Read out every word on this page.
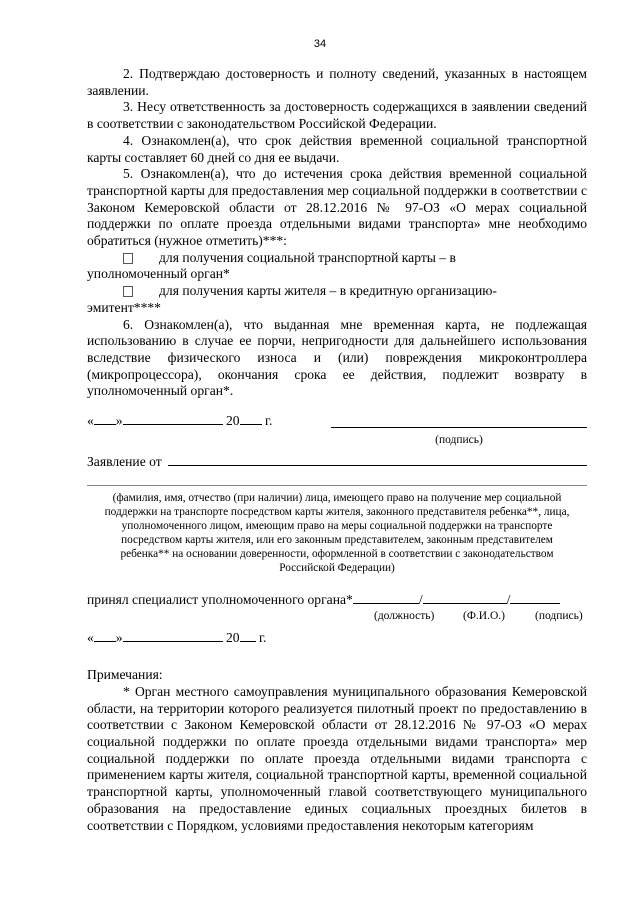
34

2. Подтверждаю достоверность и полноту сведений, указанных в настоящем заявлении.

3. Несу ответственность за достоверность содержащихся в заявлении сведений в соответствии с законодательством Российской Федерации.

4. Ознакомлен(а), что срок действия временной социальной транспортной карты составляет 60 дней со дня ее выдачи.

5. Ознакомлен(а), что до истечения срока действия временной социальной транспортной карты для предоставления мер социальной поддержки в соответствии с Законом Кемеровской области от 28.12.2016 № 97-ОЗ «О мерах социальной поддержки по оплате проезда отдельными видами транспорта» мне необходимо обратиться (нужное отметить)***:

для получения социальной транспортной карты – в
уполномоченный орган*
для получения карты жителя – в кредитную организацию-
эмитент****

6. Ознакомлен(а), что выданная мне временная карта, не подлежащая использованию в случае ее порчи, непригодности для дальнейшего использования вследствие физического износа и (или) повреждения микроконтроллера (микропроцессора), окончания срока ее действия, подлежит возврату в уполномоченный орган*.

« »	20 г.
(подпись)
Заявление от

(фамилия, имя, отчество (при наличии) лица, имеющего право на получение мер социальной поддержки на транспорте посредством карты жителя, законного представителя ребенка**, лица, уполномоченного лицом, имеющим право на меры социальной поддержки на транспорте посредством карты жителя, или его законным представителем, законным представителем ребенка** на основании доверенности, оформленной в соответствии с законодательством Российской Федерации)

принял специалист уполномоченного органа*	/	/
(должность) (Ф.И.О.)	(подпись)
« »	20 г.

Примечания:

* Орган местного самоуправления муниципального образования Кемеровской области, на территории которого реализуется пилотный проект по предоставлению в соответствии с Законом Кемеровской области от 28.12.2016 № 97-ОЗ «О мерах социальной поддержки по оплате проезда отдельными видами транспорта» мер социальной поддержки по оплате проезда отдельными видами транспорта с применением карты жителя, социальной транспортной карты, временной социальной транспортной карты, уполномоченный главой соответствующего муниципального образования на предоставление единых социальных проездных билетов в соответствии с Порядком, условиями предоставления некоторым категориям
